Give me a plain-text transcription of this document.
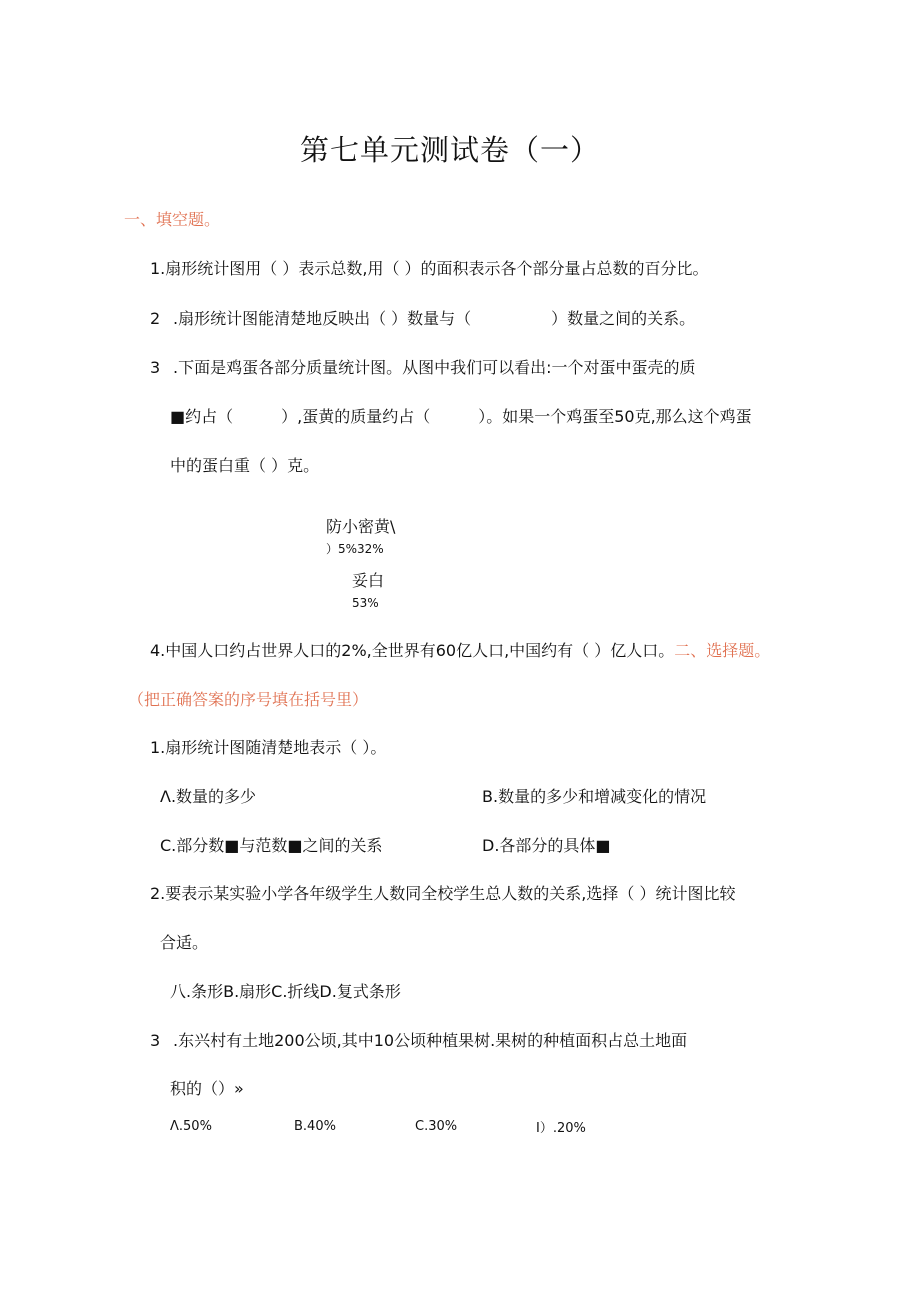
第七单元测试卷（一）
一、填空题。
1.扇形统计图用（ ）表示总数,用（ ）的面积表示各个部分量占总数的百分比。
2 .扇形统计图能清楚地反映出（ ）数量与（　　　　　）数量之间的关系。
3 .下面是鸡蛋各部分质量统计图。从图中我们可以看出:一个对蛋中蛋壳的质
■约占（　　　）,蛋黄的质量约占（　　　）。如果一个鸡蛋至50克,那么这个鸡蛋
中的蛋白重（ ）克。
防小密黄\
）5%32%
妥白
53%
4.中国人口约占世界人口的2%,全世界有60亿人口,中国约有（ ）亿人口。二、选择题。
（把正确答案的序号填在括号里）
1.扇形统计图随清楚地表示（ ）。
Λ.数量的多少	B.数量的多少和增减变化的情况
C.部分数■与范数■之间的关系	D.各部分的具体■
2.要表示某实验小学各年级学生人数同全校学生总人数的关系,选择（ ）统计图比较
合适。
八.条形B.扇形C.折线D.复式条形
3 .东兴村有土地200公顷,其中10公顷种植果树.果树的种植面积占总土地面
积的（）»
Λ.50%	B.40%	C.30%	I）.20%
